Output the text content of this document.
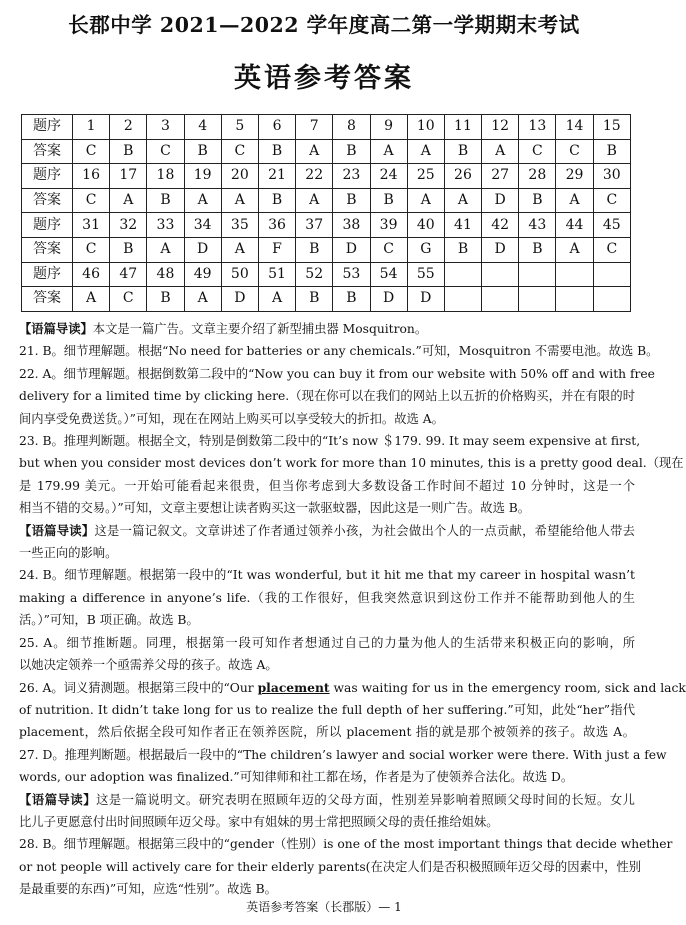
长郡中学 2021—2022 学年度高二第一学期期末考试
英语参考答案
题序	1	2	3	4	5	6	7	8	9	10	11	12	13	14	15
答案	C	B	C	B	C	B	A	B	A	A	B	A	C	C	B
题序	16	17	18	19	20	21	22	23	24	25	26	27	28	29	30
答案	C	A	B	A	A	B	A	B	B	A	A	D	B	A	C
题序	31	32	33	34	35	36	37	38	39	40	41	42	43	44	45
答案	C	B	A	D	A	F	B	D	C	G	B	D	B	A	C
题序	46	47	48	49	50	51	52	53	54	55					
答案	A	C	B	A	D	A	B	B	D	D					
【语篇导读】本文是一篇广告。文章主要介绍了新型捕虫器 Mosquitron。
21. B。细节理解题。根据“No need for batteries or any chemicals.”可知，Mosquitron 不需要电池。故选 B。
22. A。细节理解题。根据倒数第二段中的“Now you can buy it from our website with 50% off and with free
delivery for a limited time by clicking here.（现在你可以在我们的网站上以五折的价格购买，并在有限的时
间内享受免费送货。）”可知，现在在网站上购买可以享受较大的折扣。故选 A。
23. B。推理判断题。根据全文，特别是倒数第二段中的“It’s now ＄179. 99. It may seem expensive at first,
but when you consider most devices don’t work for more than 10 minutes, this is a pretty good deal.（现在
是 179.99 美元。一开始可能看起来很贵，但当你考虑到大多数设备工作时间不超过 10 分钟时，这是一个
相当不错的交易。）”可知，文章主要想让读者购买这一款驱蚊器，因此这是一则广告。故选 B。
【语篇导读】这是一篇记叙文。文章讲述了作者通过领养小孩，为社会做出个人的一点贡献，希望能给他人带去
一些正向的影响。
24. B。细节理解题。根据第一段中的“It was wonderful, but it hit me that my career in hospital wasn’t
making a difference in anyone’s life.（我的工作很好，但我突然意识到这份工作并不能帮助到他人的生
活。）”可知，B 项正确。故选 B。
25. A。细节推断题。同理，根据第一段可知作者想通过自己的力量为他人的生活带来积极正向的影响，所
以她决定领养一个亟需养父母的孩子。故选 A。
26. A。词义猜测题。根据第三段中的“Our placement was waiting for us in the emergency room, sick and lack
of nutrition. It didn’t take long for us to realize the full depth of her suffering.”可知，此处“her”指代
placement，然后依据全段可知作者正在领养医院，所以 placement 指的就是那个被领养的孩子。故选 A。
27. D。推理判断题。根据最后一段中的“The children’s lawyer and social worker were there. With just a few
words, our adoption was finalized.”可知律师和社工都在场，作者是为了使领养合法化。故选 D。
【语篇导读】这是一篇说明文。研究表明在照顾年迈的父母方面，性别差异影响着照顾父母时间的长短。女儿
比儿子更愿意付出时间照顾年迈父母。家中有姐妹的男士常把照顾父母的责任推给姐妹。
28. B。细节理解题。根据第三段中的“gender（性别）is one of the most important things that decide whether
or not people will actively care for their elderly parents(在决定人们是否积极照顾年迈父母的因素中，性别
是最重要的东西)”可知，应选“性别”。故选 B。
英语参考答案（长郡版）— 1
